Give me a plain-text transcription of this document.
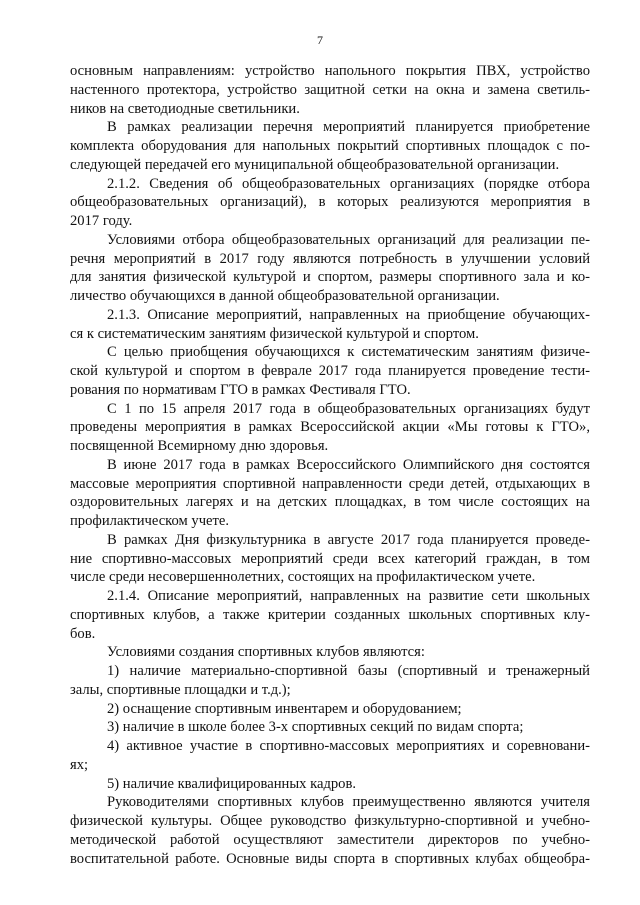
7
основным направлениям: устройство напольного покрытия ПВХ, устройство
настенного протектора, устройство защитной сетки на окна и замена светиль-
ников на светодиодные светильники.
В рамках реализации перечня мероприятий планируется приобретение
комплекта оборудования для напольных покрытий спортивных площадок с по-
следующей передачей его муниципальной общеобразовательной организации.
2.1.2. Сведения об общеобразовательных организациях (порядке отбора
общеобразовательных организаций), в которых реализуются мероприятия в
2017 году.
Условиями отбора общеобразовательных организаций для реализации пе-
речня мероприятий в 2017 году являются потребность в улучшении условий
для занятия физической культурой и спортом, размеры спортивного зала и ко-
личество обучающихся в данной общеобразовательной организации.
2.1.3. Описание мероприятий, направленных на приобщение обучающих-
ся к систематическим занятиям физической культурой и спортом.
С целью приобщения обучающихся к систематическим занятиям физиче-
ской культурой и спортом в феврале 2017 года планируется проведение тести-
рования по нормативам ГТО в рамках Фестиваля ГТО.
С 1 по 15 апреля 2017 года в общеобразовательных организациях будут
проведены мероприятия в рамках Всероссийской акции «Мы готовы к ГТО»,
посвященной Всемирному дню здоровья.
В июне 2017 года в рамках Всероссийского Олимпийского дня состоятся
массовые мероприятия спортивной направленности среди детей, отдыхающих в
оздоровительных лагерях и на детских площадках, в том числе состоящих на
профилактическом учете.
В рамках Дня физкультурника в августе 2017 года планируется проведе-
ние спортивно-массовых мероприятий среди всех категорий граждан, в том
числе среди несовершеннолетних, состоящих на профилактическом учете.
2.1.4. Описание мероприятий, направленных на развитие сети школьных
спортивных клубов, а также критерии созданных школьных спортивных клу-
бов.
Условиями создания спортивных клубов являются:
1) наличие материально-спортивной базы (спортивный и тренажерный
залы, спортивные площадки и т.д.);
2) оснащение спортивным инвентарем и оборудованием;
3) наличие в школе более 3-х спортивных секций по видам спорта;
4) активное участие в спортивно-массовых мероприятиях и соревновани-
ях;
5) наличие квалифицированных кадров.
Руководителями спортивных клубов преимущественно являются учителя
физической культуры. Общее руководство физкультурно-спортивной и учебно-
методической работой осуществляют заместители директоров по учебно-
воспитательной работе. Основные виды спорта в спортивных клубах общеобра-
